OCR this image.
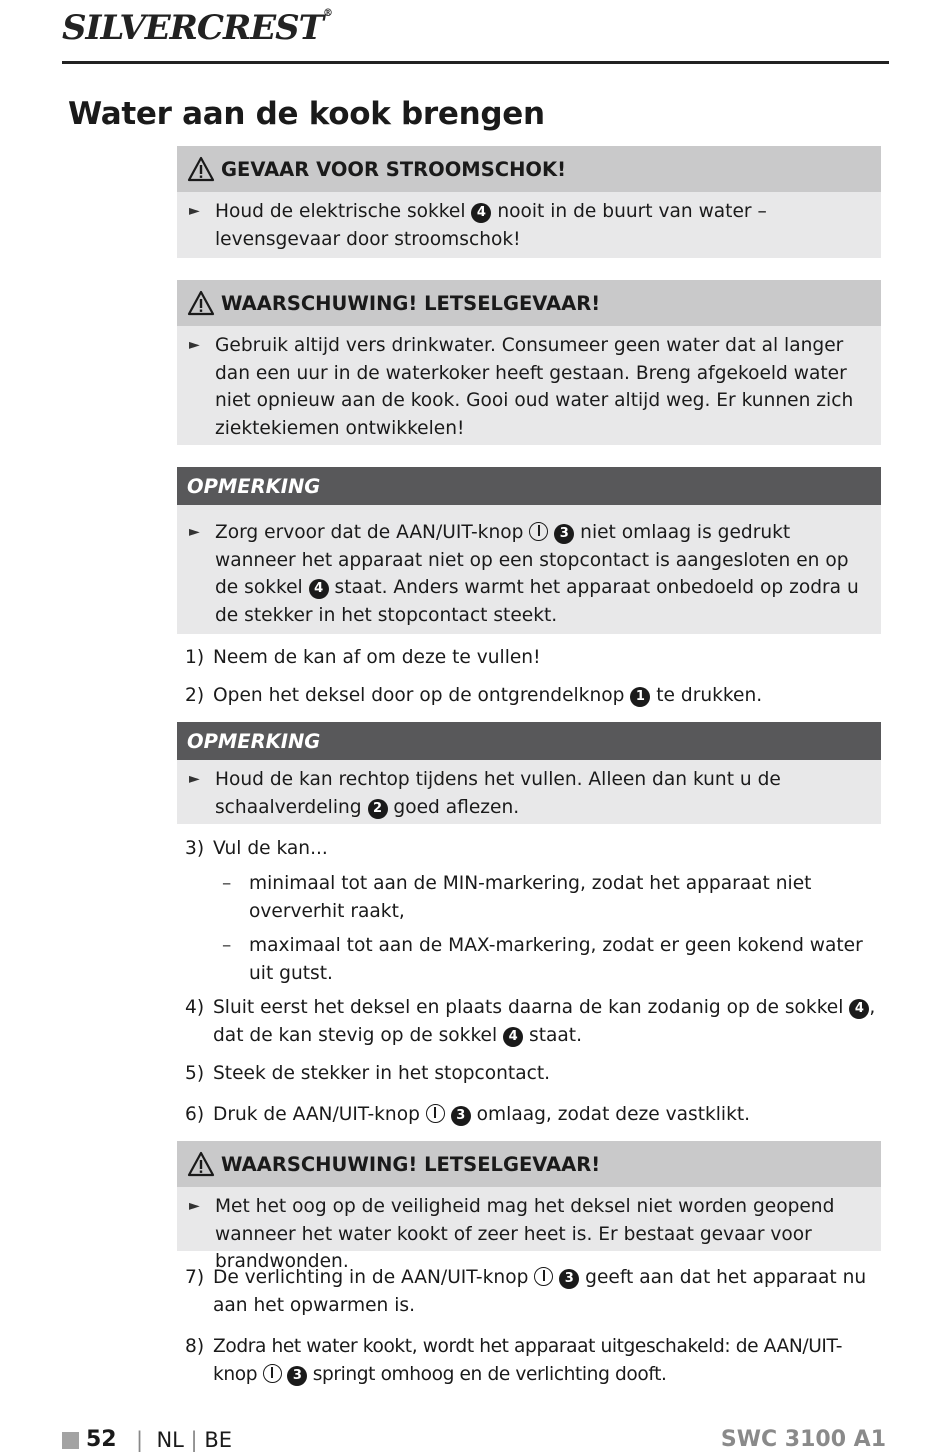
SILVERCREST®
Water aan de kook brengen
GEVAAR VOOR STROOMSCHOK!
► Houd de elektrische sokkel 4 nooit in de buurt van water – levensgevaar door stroomschok!
WAARSCHUWING! LETSELGEVAAR!
► Gebruik altijd vers drinkwater. Consumeer geen water dat al langer dan een uur in de waterkoker heeft gestaan. Breng afgekoeld water niet opnieuw aan de kook. Gooi oud water altijd weg. Er kunnen zich ziektekiemen ontwikkelen!
OPMERKING
► Zorg ervoor dat de AAN/UIT-knop	3 niet omlaag is gedrukt wanneer het apparaat niet op een stopcontact is aangesloten en op de sokkel 4 staat. Anders warmt het apparaat onbedoeld op zodra u de stekker in het stopcontact steekt.
1) Neem de kan af om deze te vullen!
2) Open het deksel door op de ontgrendelknop 1 te drukken.
OPMERKING
► Houd de kan rechtop tijdens het vullen. Alleen dan kunt u de schaalverdeling 2 goed aflezen.
3) Vul de kan...
– minimaal tot aan de MIN-markering, zodat het apparaat niet oververhit raakt,
– maximaal tot aan de MAX-markering, zodat er geen kokend water uit gutst.
4) Sluit eerst het deksel en plaats daarna de kan zodanig op de sokkel 4 , dat de kan stevig op de sokkel 4 staat.
5) Steek de stekker in het stopcontact.
6) Druk de AAN/UIT-knop	3 omlaag, zodat deze vastklikt.
WAARSCHUWING! LETSELGEVAAR!
► Met het oog op de veiligheid mag het deksel niet worden geopend wanneer het water kookt of zeer heet is. Er bestaat gevaar voor brandwonden.
7) De verlichting in de AAN/UIT-knop	3 geeft aan dat het apparaat nu aan het opwarmen is.
8) Zodra het water kookt, wordt het apparaat uitgeschakeld: de AAN/UIT-knop	3 springt omhoog en de verlichting dooft.
52 | NL | BE	SWC 3100 A1
